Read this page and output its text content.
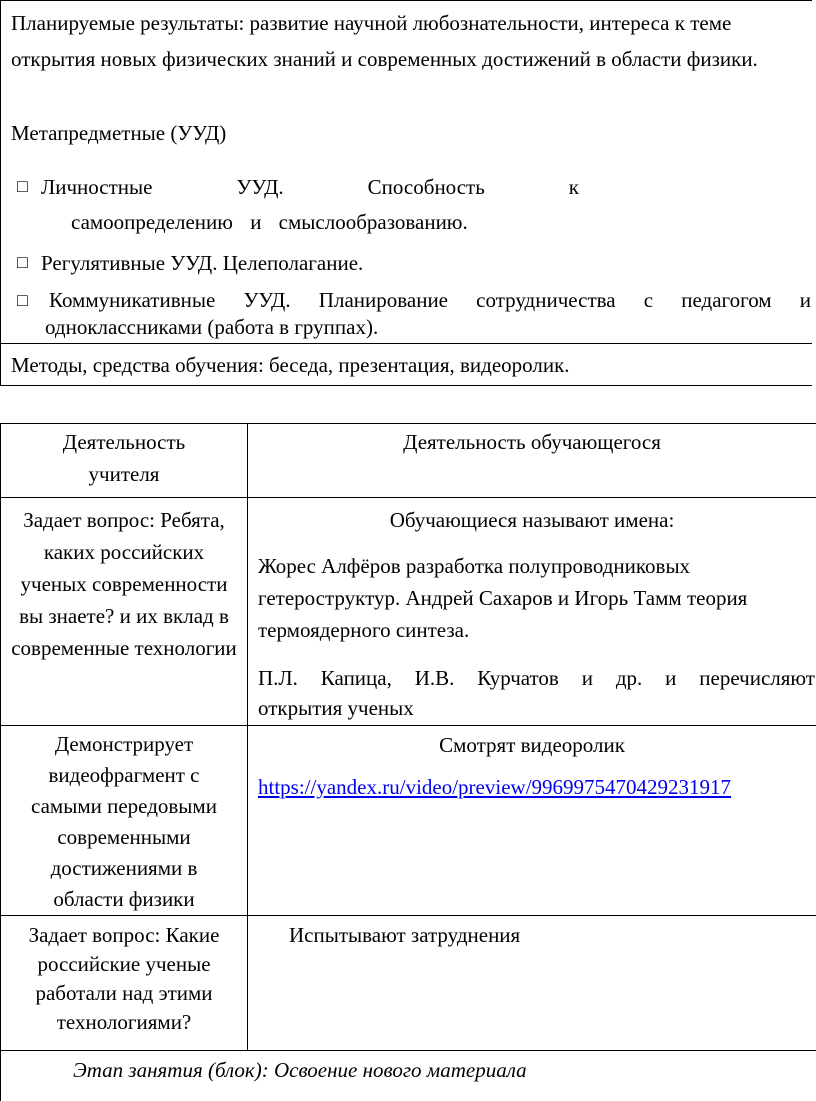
Планируемые результаты: развитие научной любознательности, интереса к теме открытия новых физических знаний и современных достижений в области физики.

Метапредметные (УУД)

□

Личностные УУД. Способность к

самоопределению и смыслообразованию.

□

Регулятивные УУД. Целеполагание.

□

Коммуникативные УУД. Планирование сотрудничества с педагогом и

одноклассниками (работа в группах).

Методы, средства обучения: беседа, презентация, видеоролик.

Деятельность учителя
Деятельность обучающегося
Задает вопрос: Ребята, каких российских ученых современности вы знаете? и их вклад в современные технологии
Обучающиеся называют имена:

Жорес Алфёров разработка полупроводниковых гетероструктур. Андрей Сахаров и Игорь Тамм теория термоядерного синтеза.

П.Л. Капица, И.В. Курчатов и др. и перечисляют

открытия ученых

Демонстрирует видеофрагмент с самыми передовыми современными достижениями в области физики
Смотрят видеоролик
https://yandex.ru/video/preview/9969975470429231917
Задает вопрос: Какие российские ученые работали над этими технологиями?

Испытывают затруднения

Этап занятия (блок): Освоение нового материала
